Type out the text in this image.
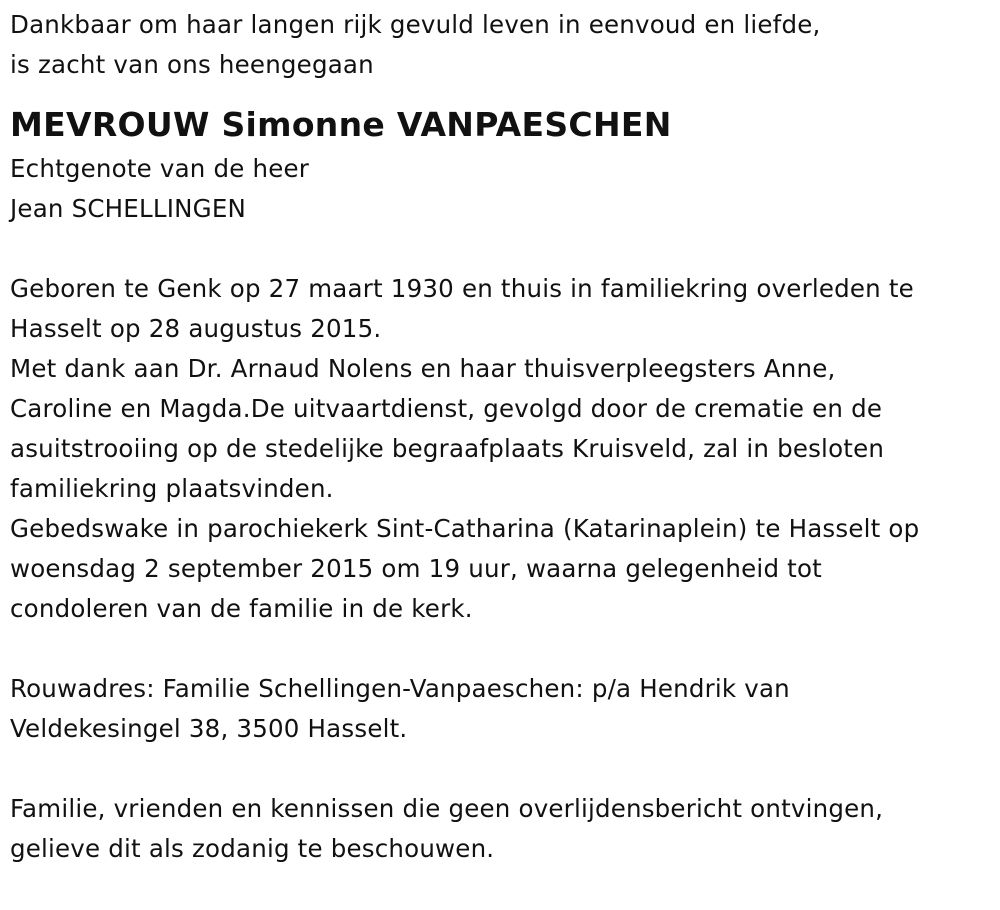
Dankbaar om haar langen rijk gevuld leven in eenvoud en liefde,
is zacht van ons heengegaan
MEVROUW Simonne VANPAESCHEN
Echtgenote van de heer
Jean SCHELLINGEN
Geboren te Genk op 27 maart 1930 en thuis in familiekring overleden te
Hasselt op 28 augustus 2015.
Met dank aan Dr. Arnaud Nolens en haar thuisverpleegsters Anne,
Caroline en Magda.De uitvaartdienst, gevolgd door de crematie en de
asuitstrooiing op de stedelijke begraafplaats Kruisveld, zal in besloten
familiekring plaatsvinden.
Gebedswake in parochiekerk Sint-Catharina (Katarinaplein) te Hasselt op
woensdag 2 september 2015 om 19 uur, waarna gelegenheid tot
condoleren van de familie in de kerk.
Rouwadres: Familie Schellingen-Vanpaeschen: p/a Hendrik van
Veldekesingel 38, 3500 Hasselt.
Familie, vrienden en kennissen die geen overlijdensbericht ontvingen,
gelieve dit als zodanig te beschouwen.
